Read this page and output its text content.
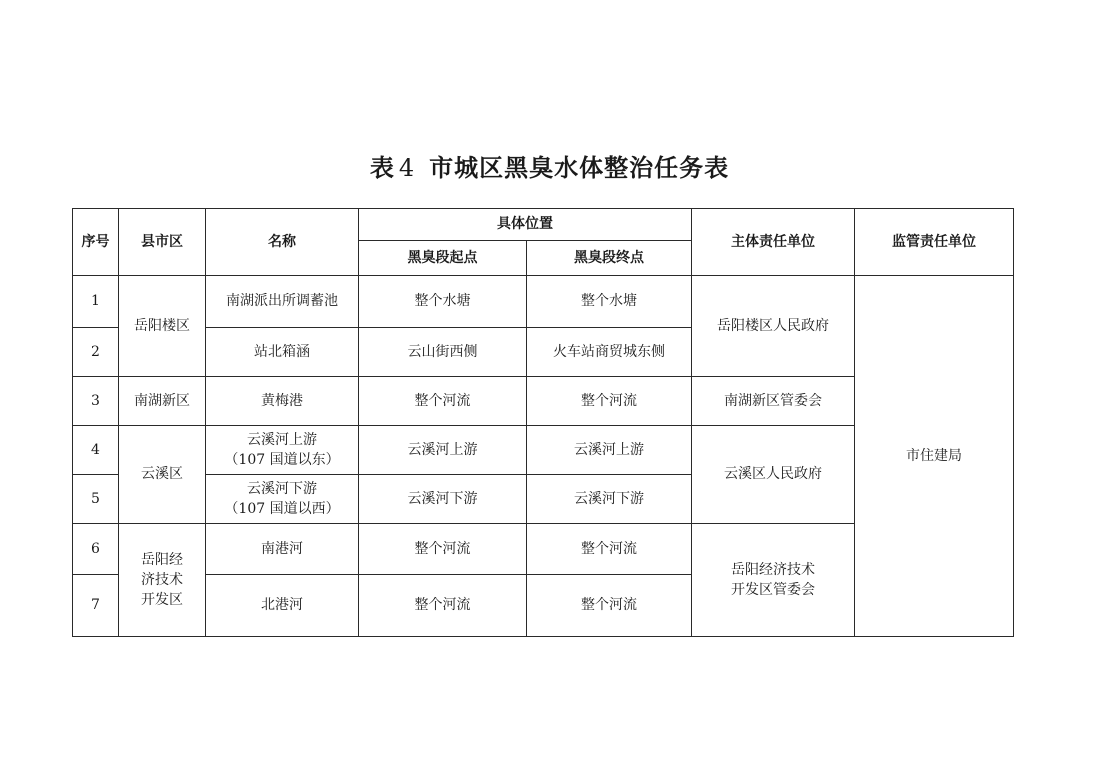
表 4 市城区黑臭水体整治任务表
序号	县市区	名称	具体位置		主体责任单位	监管责任单位
			黑臭段起点	黑臭段终点		
1	岳阳楼区	南湖派出所调蓄池	整个水塘	整个水塘	岳阳楼区人民政府	市住建局
2		站北箱涵	云山街西侧	火车站商贸城东侧		
3	南湖新区	黄梅港	整个河流	整个河流	南湖新区管委会	
4	云溪区	云溪河上游
（107 国道以东）	云溪河上游	云溪河上游	云溪区人民政府	
5		云溪河下游
（107 国道以西）	云溪河下游	云溪河下游		
6	岳阳经
济技术
开发区	南港河	整个河流	整个河流	岳阳经济技术
开发区管委会	

7		北港河	整个河流	整个河流		
